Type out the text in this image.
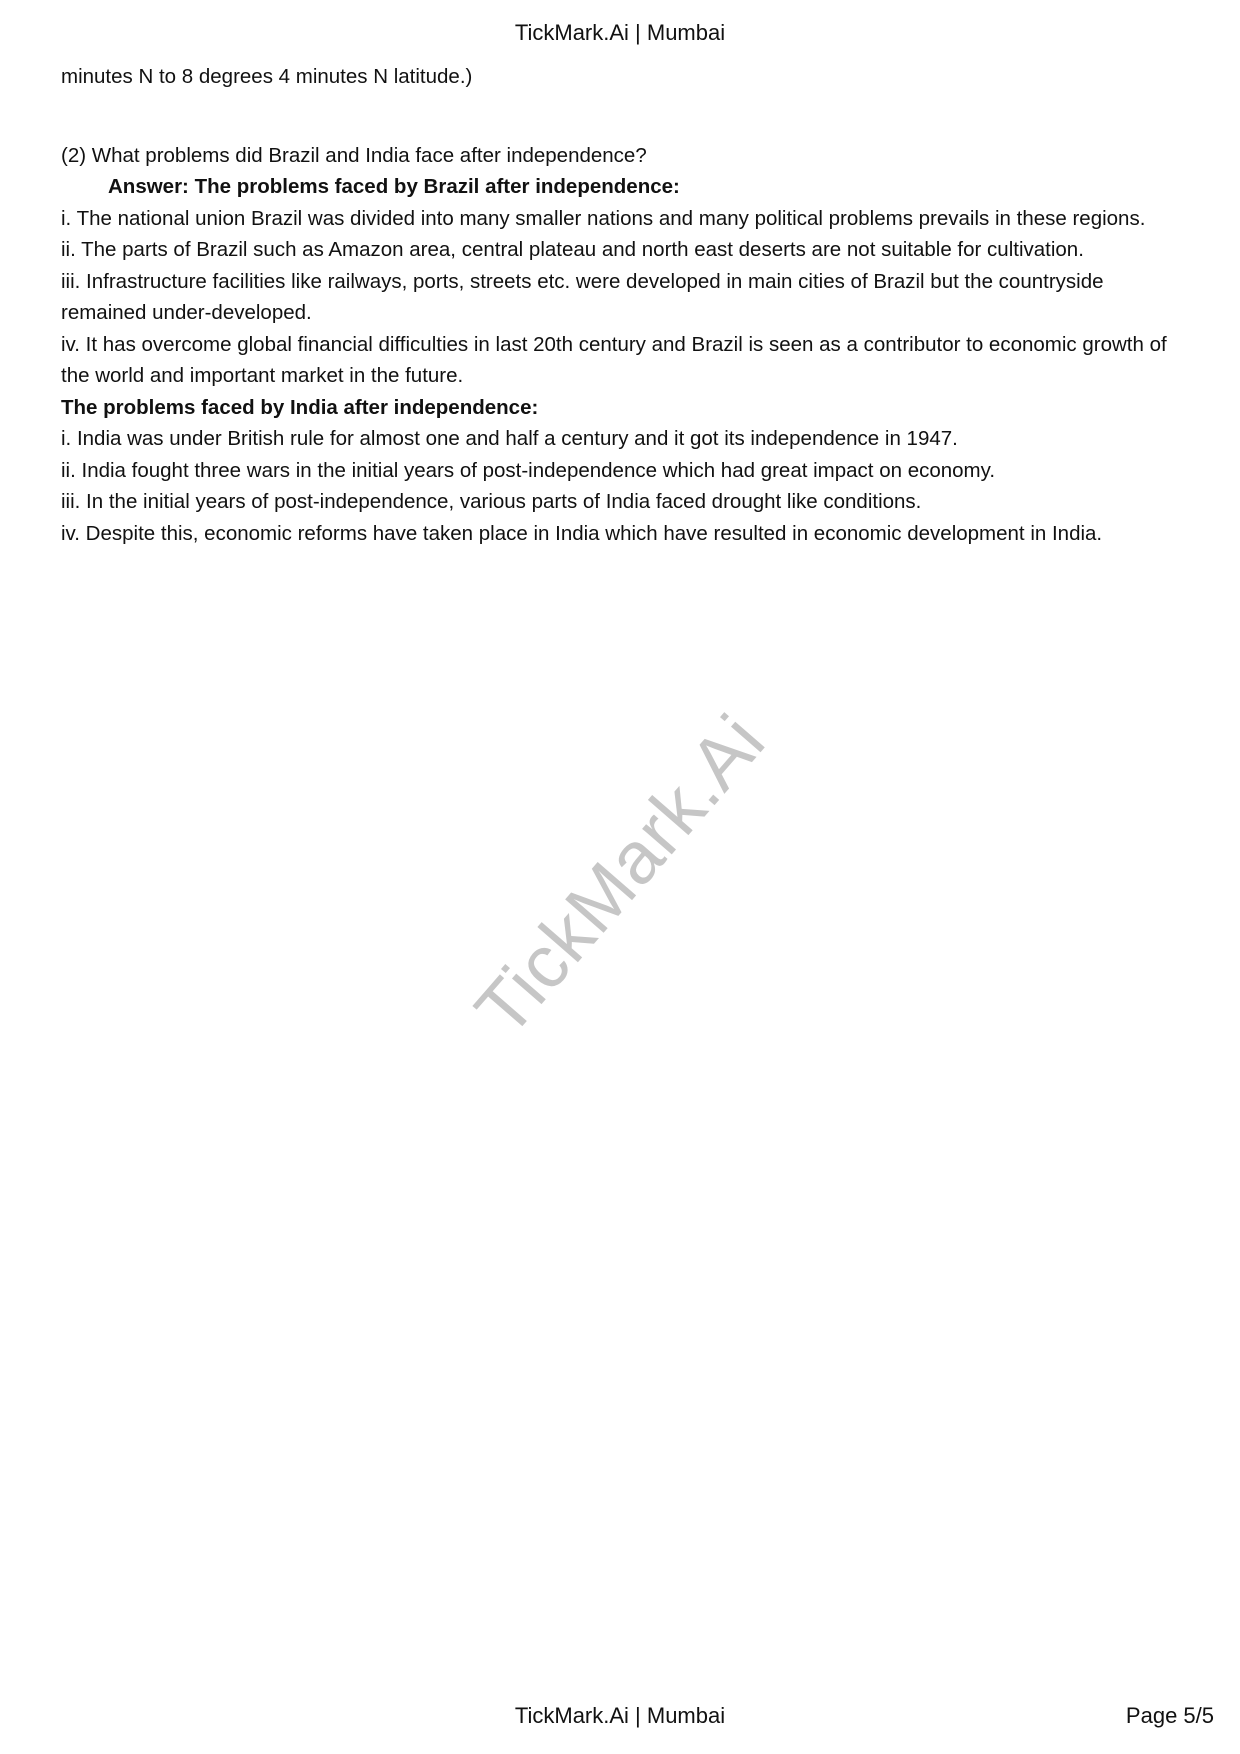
TickMark.Ai | Mumbai

minutes N to 8 degrees 4 minutes N latitude.)

(2) What problems did Brazil and India face after independence?

Answer: The problems faced by Brazil after independence:

i. The national union Brazil was divided into many smaller nations and many political problems prevails in these regions.

ii. The parts of Brazil such as Amazon area, central plateau and north east deserts are not suitable for cultivation.

iii. Infrastructure facilities like railways, ports, streets etc. were developed in main cities of Brazil but the countryside remained under-developed.

iv. It has overcome global financial difficulties in last 20th century and Brazil is seen as a contributor to economic growth of the world and important market in the future.

The problems faced by India after independence:

i. India was under British rule for almost one and half a century and it got its independence in 1947.

ii. India fought three wars in the initial years of post-independence which had great impact on economy.

iii. In the initial years of post-independence, various parts of India faced drought like conditions.

iv. Despite this, economic reforms have taken place in India which have resulted in economic development in India.

TickMark.Ai
TickMark.Ai | Mumbai	Page 5/5
